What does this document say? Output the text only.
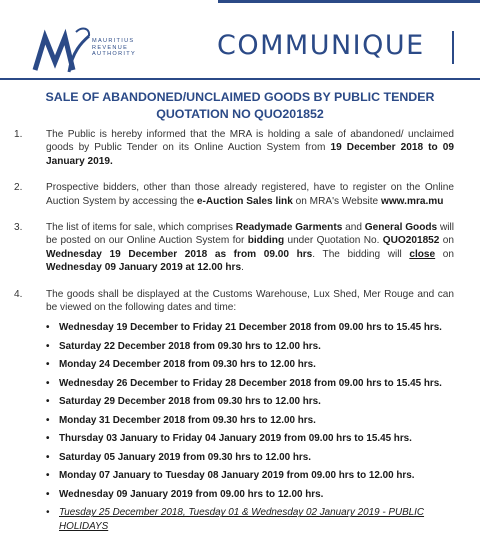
MAURITIUS
REVENUE
AUTHORITY	COMMUNIQUE
SALE OF ABANDONED/UNCLAIMED GOODS BY PUBLIC TENDER
QUOTATION NO QUO201852
1. The Public is hereby informed that the MRA is holding a sale of abandoned/ unclaimed goods by Public Tender on its Online Auction System from 19 December 2018 to 09 January 2019.
2. Prospective bidders, other than those already registered, have to register on the Online Auction System by accessing the e-Auction Sales link on MRA's Website www.mra.mu
3. The list of items for sale, which comprises Readymade Garments and General Goods will be posted on our Online Auction System for bidding under Quotation No. QUO201852 on Wednesday 19 December 2018 as from 09.00 hrs. The bidding will close on Wednesday 09 January 2019 at 12.00 hrs.
4. The goods shall be displayed at the Customs Warehouse, Lux Shed, Mer Rouge and can be viewed on the following dates and time:
• Wednesday 19 December to Friday 21 December 2018 from 09.00 hrs to 15.45 hrs.
• Saturday 22 December 2018 from 09.30 hrs to 12.00 hrs.
• Monday 24 December 2018 from 09.30 hrs to 12.00 hrs.
• Wednesday 26 December to Friday 28 December 2018 from 09.00 hrs to 15.45 hrs.
• Saturday 29 December 2018 from 09.30 hrs to 12.00 hrs.
• Monday 31 December 2018 from 09.30 hrs to 12.00 hrs.
• Thursday 03 January to Friday 04 January 2019 from 09.00 hrs to 15.45 hrs.
• Saturday 05 January 2019 from 09.30 hrs to 12.00 hrs.
• Monday 07 January to Tuesday 08 January 2019 from 09.00 hrs to 12.00 hrs.
• Wednesday 09 January 2019 from 09.00 hrs to 12.00 hrs.
• Tuesday 25 December 2018, Tuesday 01 & Wednesday 02 January 2019 - PUBLIC HOLIDAYS
